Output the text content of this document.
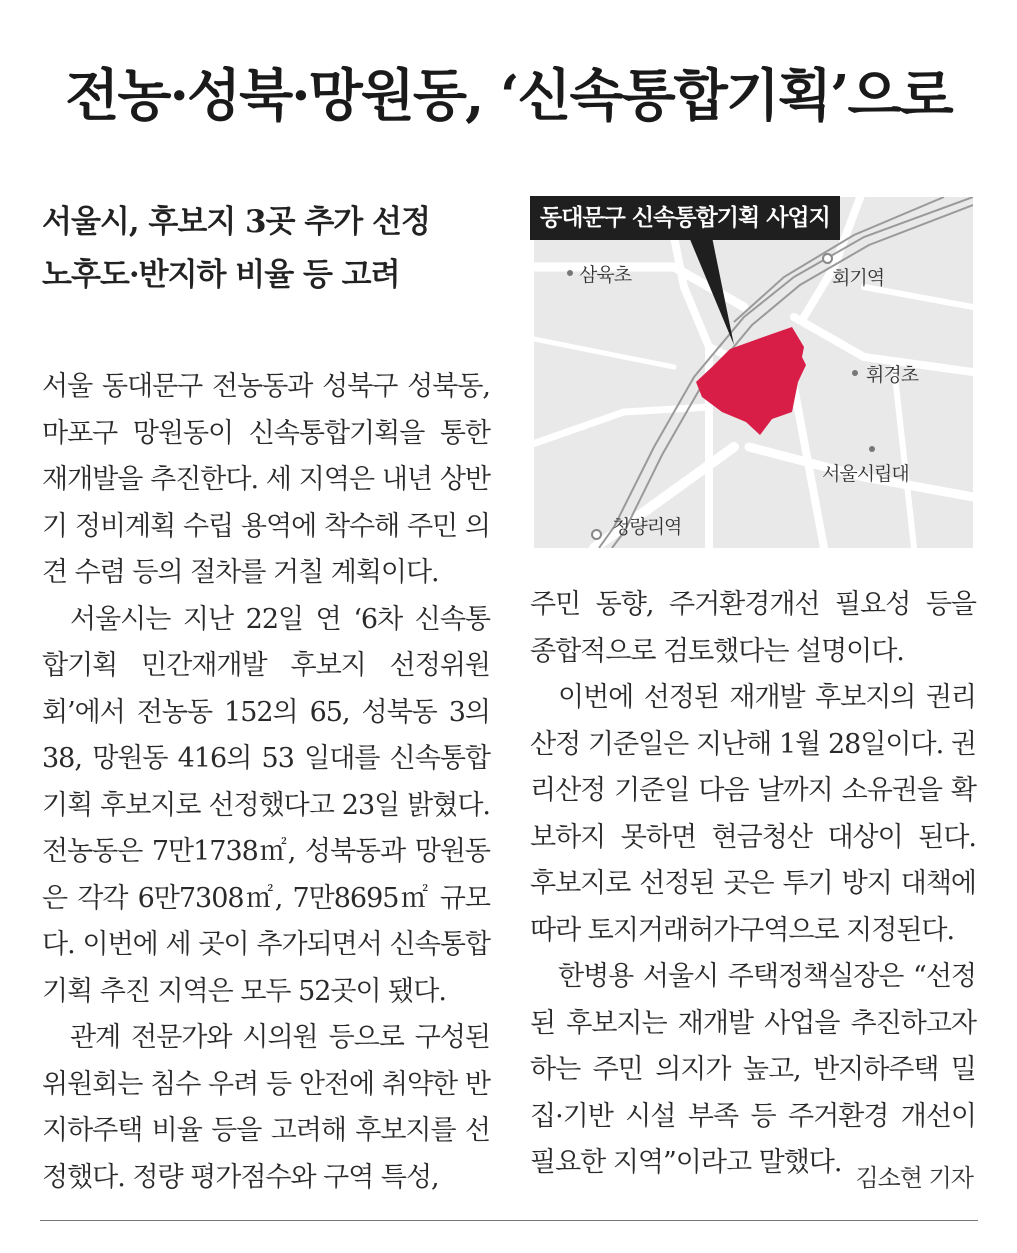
전농·성북·망원동, ‘신속통합기획’으로
서울시, 후보지 3곳 추가 선정
노후도·반지하 비율 등 고려

서울 동대문구 전농동과 성북구 성북동, 마포구 망원동이 신속통합기획을 통한 재개발을 추진한다. 세 지역은 내년 상반기 정비계획 수립 용역에 착수해 주민 의견 수렴 등의 절차를 거칠 계획이다.

서울시는 지난 22일 연 ‘6차 신속통합기획 민간재개발 후보지 선정위원회’에서 전농동 152의 65, 성북동 3의 38, 망원동 416의 53 일대를 신속통합기획 후보지로 선정했다고 23일 밝혔다. 전농동은 7만1738㎡, 성북동과 망원동은 각각 6만7308㎡, 7만8695㎡ 규모다. 이번에 세 곳이 추가되면서 신속통합기획 추진 지역은 모두 52곳이 됐다.

관계 전문가와 시의원 등으로 구성된 위원회는 침수 우려 등 안전에 취약한 반지하주택 비율 등을 고려해 후보지를 선정했다. 정량 평가점수와 구역 특성,

동대문구 신속통합기획 사업지
삼육초	회기역
휘경초
서울시립대
청량리역

주민 동향, 주거환경개선 필요성 등을 종합적으로 검토했다는 설명이다.

이번에 선정된 재개발 후보지의 권리산정 기준일은 지난해 1월 28일이다. 권리산정 기준일 다음 날까지 소유권을 확보하지 못하면 현금청산 대상이 된다. 후보지로 선정된 곳은 투기 방지 대책에 따라 토지거래허가구역으로 지정된다.

한병용 서울시 주택정책실장은 “선정된 후보지는 재개발 사업을 추진하고자 하는 주민 의지가 높고, 반지하주택 밀집·기반 시설 부족 등 주거환경 개선이 필요한 지역”이라고 말했다. 김소현 기자
